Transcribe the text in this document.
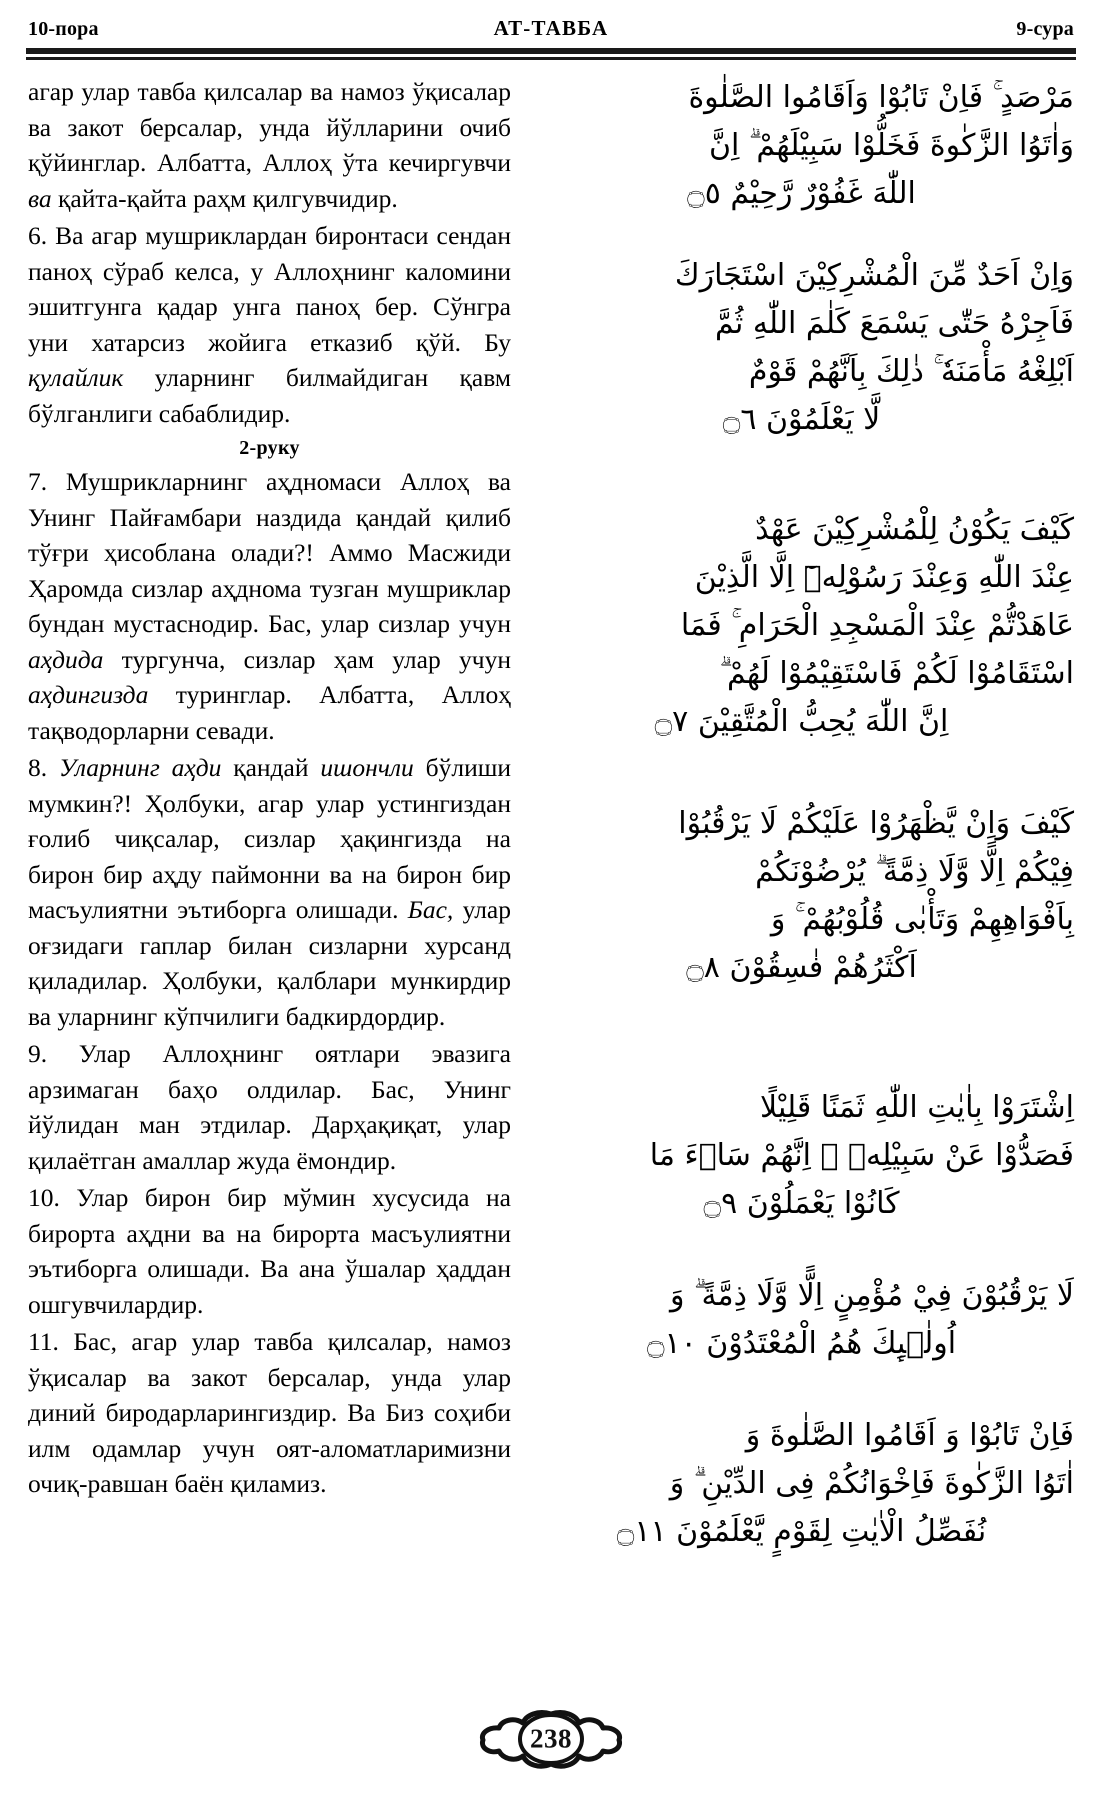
10-пора	АТ-ТАВБА	9-сура

агар улар тавба қилсалар ва намоз ўқисалар ва закот берсалар, унда йўлларини очиб қўйинглар. Албатта, Аллоҳ ўта кечиргувчи ва қайта-қайта раҳм қилгувчидир.

6. Ва агар мушриклардан биронтаси сендан паноҳ сўраб келса, у Аллоҳнинг каломини эшитгунга қадар унга паноҳ бер. Сўнгра уни хатарсиз жойига етказиб қўй. Бу қулайлик уларнинг билмайдиган қавм бўлганлиги сабаблидир.

2-руку

7. Мушрикларнинг аҳдномаси Аллоҳ ва Унинг Пайғамбари наздида қандай қилиб тўғри ҳисоблана олади?! Аммо Масжиди Ҳаромда сизлар аҳднома тузган мушриклар бундан мустаснодир. Бас, улар сизлар учун аҳдида тургунча, сизлар ҳам улар учун аҳдингизда туринглар. Албатта, Аллоҳ тақводорларни севади.

8. Уларнинг аҳди қандай ишончли бўлиши мумкин?! Ҳолбуки, агар улар устингиздан ғолиб чиқсалар, сизлар ҳақингизда на бирон бир аҳду паймонни ва на бирон бир масъулиятни эътиборга олишади. Бас, улар оғзидаги гаплар билан сизларни хурсанд қиладилар. Ҳолбуки, қалблари мункирдир ва уларнинг кўпчилиги бадкирдордир.

9. Улар Аллоҳнинг оятлари эвазига арзимаган баҳо олдилар. Бас, Унинг йўлидан ман этдилар. Дарҳақиқат, улар қилаётган амаллар жуда ёмондир.

10. Улар бирон бир мўмин хусусида на бирорта аҳдни ва на бирорта масъулиятни эътиборга олишади. Ва ана ўшалар ҳаддан ошгувчилардир.

11. Бас, агар улар тавба қилсалар, намоз ўқисалар ва закот берсалар, унда улар диний биродарларингиздир. Ва Биз соҳиби илм одамлар учун оят-аломатларимизни очиқ-равшан баён қиламиз.

مَرْصَدٍ ۚ فَاِنْ تَابُوْا وَاَقَامُوا الصَّلٰوةَ
وَاٰتَوُا الزَّكٰوةَ فَخَلُّوْا سَبِيْلَهُمْ ۗ اِنَّ
اللّٰهَ غَفُوْرٌ رَّحِيْمٌ ۝٥
وَاِنْ اَحَدٌ مِّنَ الْمُشْرِكِيْنَ اسْتَجَارَكَ
فَاَجِرْهُ حَتّٰى يَسْمَعَ كَلٰمَ اللّٰهِ ثُمَّ
اَبْلِغْهُ مَأْمَنَهٗ ۚ ذٰلِكَ بِاَنَّهُمْ قَوْمٌ
لَّا يَعْلَمُوْنَ ۝٦
كَيْفَ يَكُوْنُ لِلْمُشْرِكِيْنَ عَهْدٌ
عِنْدَ اللّٰهِ وَعِنْدَ رَسُوْلِهٖٓ اِلَّا الَّذِيْنَ
عَاهَدْتُّمْ عِنْدَ الْمَسْجِدِ الْحَرَامِ ۚ فَمَا
اسْتَقَامُوْا لَكُمْ فَاسْتَقِيْمُوْا لَهُمْ ۗ
اِنَّ اللّٰهَ يُحِبُّ الْمُتَّقِيْنَ ۝٧
كَيْفَ وَاِنْ يَّظْهَرُوْا عَلَيْكُمْ لَا يَرْقُبُوْا
فِيْكُمْ اِلًّا وَّلَا ذِمَّةً ۗ يُرْضُوْنَكُمْ
بِاَفْوَاهِهِمْ وَتَأْبٰى قُلُوْبُهُمْ ۚ وَ
اَكْثَرُهُمْ فٰسِقُوْنَ ۝٨
اِشْتَرَوْا بِاٰيٰتِ اللّٰهِ ثَمَنًا قَلِيْلًا
فَصَدُّوْا عَنْ سَبِيْلِهٖ ۗ اِنَّهُمْ سَاۤءَ مَا
كَانُوْا يَعْمَلُوْنَ ۝٩
لَا يَرْقُبُوْنَ فِيْ مُؤْمِنٍ اِلًّا وَّلَا ذِمَّةً ۗ وَ
اُولٰۤىِٕكَ هُمُ الْمُعْتَدُوْنَ ۝١٠
فَاِنْ تَابُوْا وَ اَقَامُوا الصَّلٰوةَ وَ
اٰتَوُا الزَّكٰوةَ فَاِخْوَانُكُمْ فِى الدِّيْنِ ۗ وَ
نُفَصِّلُ الْاٰيٰتِ لِقَوْمٍ يَّعْلَمُوْنَ ۝١١
238
